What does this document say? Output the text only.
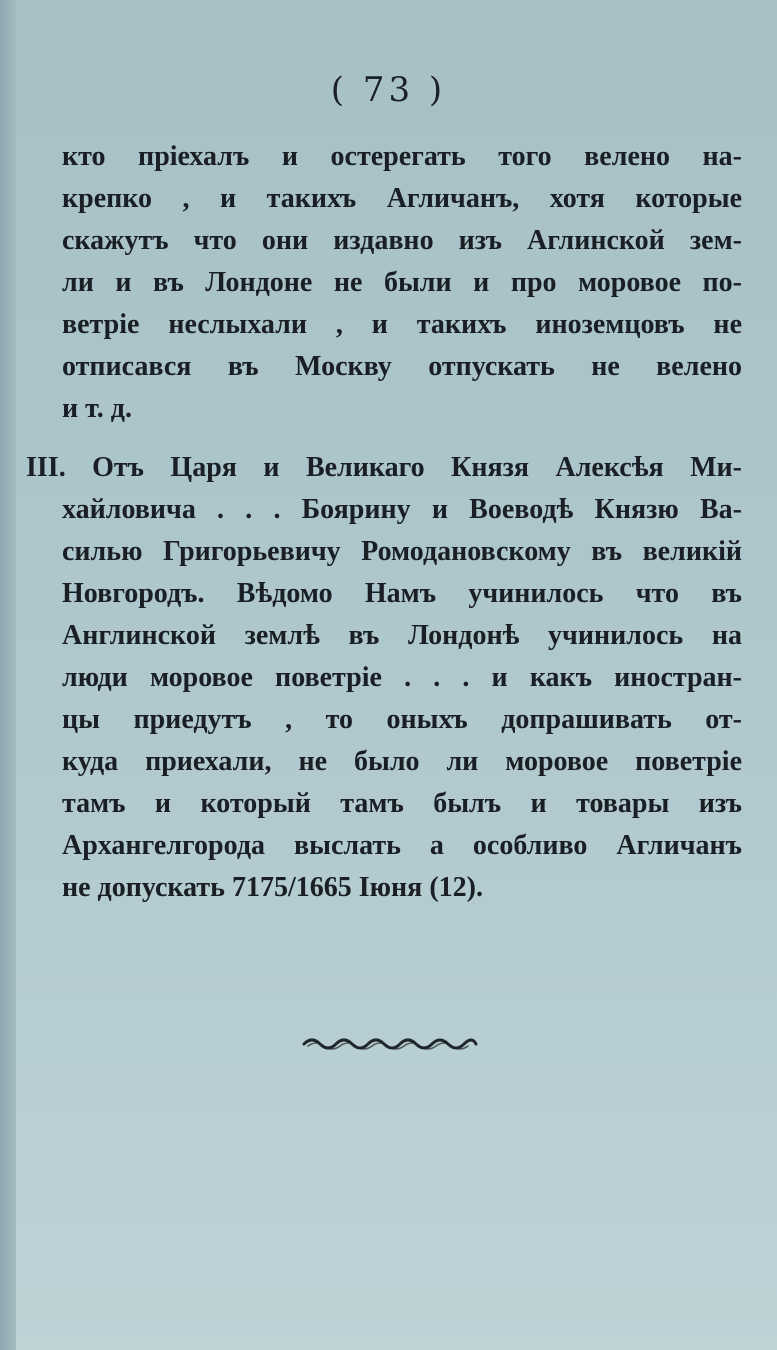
( 73 )
кто пріехалъ и остерегать того велено на-
крепко , и такихъ Агличанъ, хотя которые
скажутъ что они издавно изъ Аглинской зем-
ли и въ Лондоне не были и про моровое по-
ветріе неслыхали , и такихъ иноземцовъ не
отписався въ Москву отпускать не велено
и т. д.
III. Отъ Царя и Великаго Князя Алексѣя Ми-
хайловича . . . Боярину и Воеводѣ Князю Ва-
силью Григорьевичу Ромодановскому въ великій
Новгородъ. Вѣдомо Намъ учинилось что въ
Англинской землѣ въ Лондонѣ учинилось на
люди моровое поветріе . . . и какъ иностран-
цы приедутъ , то оныхъ допрашивать от-
куда приехали, не было ли моровое поветріе
тамъ и который тамъ былъ и товары изъ
Архангелгорода выслать а особливо Агличанъ
не допускать 7175/1665 Іюня (12).
